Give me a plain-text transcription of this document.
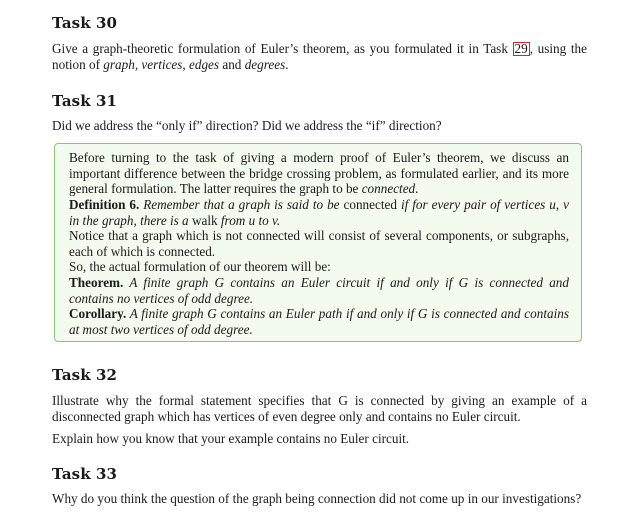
Task 30

Give a graph-theoretic formulation of Euler’s theorem, as you formulated it in Task 29 , using the notion of graph, vertices, edges and degrees.

Task 31

Did we address the “only if” direction? Did we address the “if” direction?

Before turning to the task of giving a modern proof of Euler’s theorem, we discuss an important difference between the bridge crossing problem, as formulated earlier, and its more general formulation. The latter requires the graph to be connected.

Definition 6. Remember that a graph is said to be connected if for every pair of vertices u, v in the graph, there is a walk from u to v.

Notice that a graph which is not connected will consist of several components, or subgraphs, each of which is connected.

So, the actual formulation of our theorem will be:

Theorem. A finite graph G contains an Euler circuit if and only if G is connected and contains no vertices of odd degree.

Corollary. A finite graph G contains an Euler path if and only if G is connected and contains at most two vertices of odd degree.

Task 32

Illustrate why the formal statement specifies that G is connected by giving an example of a disconnected graph which has vertices of even degree only and contains no Euler circuit.

Explain how you know that your example contains no Euler circuit.

Task 33

Why do you think the question of the graph being connection did not come up in our investigations?
